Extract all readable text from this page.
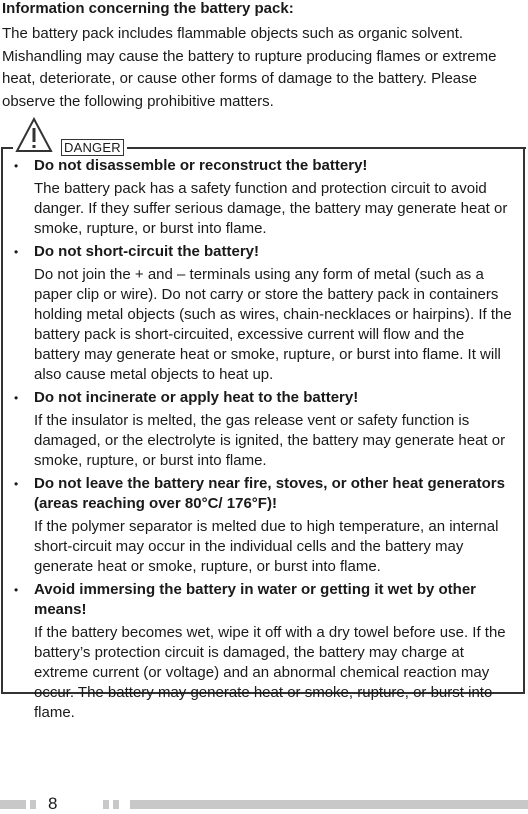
Information concerning the battery pack:
The battery pack includes flammable objects such as organic solvent. Mishandling may cause the battery to rupture producing flames or extreme heat, deteriorate, or cause other forms of damage to the battery. Please observe the following prohibitive matters.
DANGER
• Do not disassemble or reconstruct the battery!
The battery pack has a safety function and protection circuit to avoid danger. If they suffer serious damage, the battery may generate heat or smoke, rupture, or burst into flame.
• Do not short-circuit the battery!
Do not join the + and – terminals using any form of metal (such as a paper clip or wire). Do not carry or store the battery pack in containers holding metal objects (such as wires, chain-necklaces or hairpins). If the battery pack is short-circuited, excessive current will flow and the battery may generate heat or smoke, rupture, or burst into flame. It will also cause metal objects to heat up.
• Do not incinerate or apply heat to the battery!
If the insulator is melted, the gas release vent or safety function is damaged, or the electrolyte is ignited, the battery may generate heat or smoke, rupture, or burst into flame.
• Do not leave the battery near fire, stoves, or other heat generators (areas reaching over 80°C/ 176°F)!
If the polymer separator is melted due to high temperature, an internal short-circuit may occur in the individual cells and the battery may generate heat or smoke, rupture, or burst into flame.
• Avoid immersing the battery in water or getting it wet by other means!
If the battery becomes wet, wipe it off with a dry towel before use. If the battery’s protection circuit is damaged, the battery may charge at extreme current (or voltage) and an abnormal chemical reaction may occur. The battery may generate heat or smoke, rupture, or burst into flame.
8
